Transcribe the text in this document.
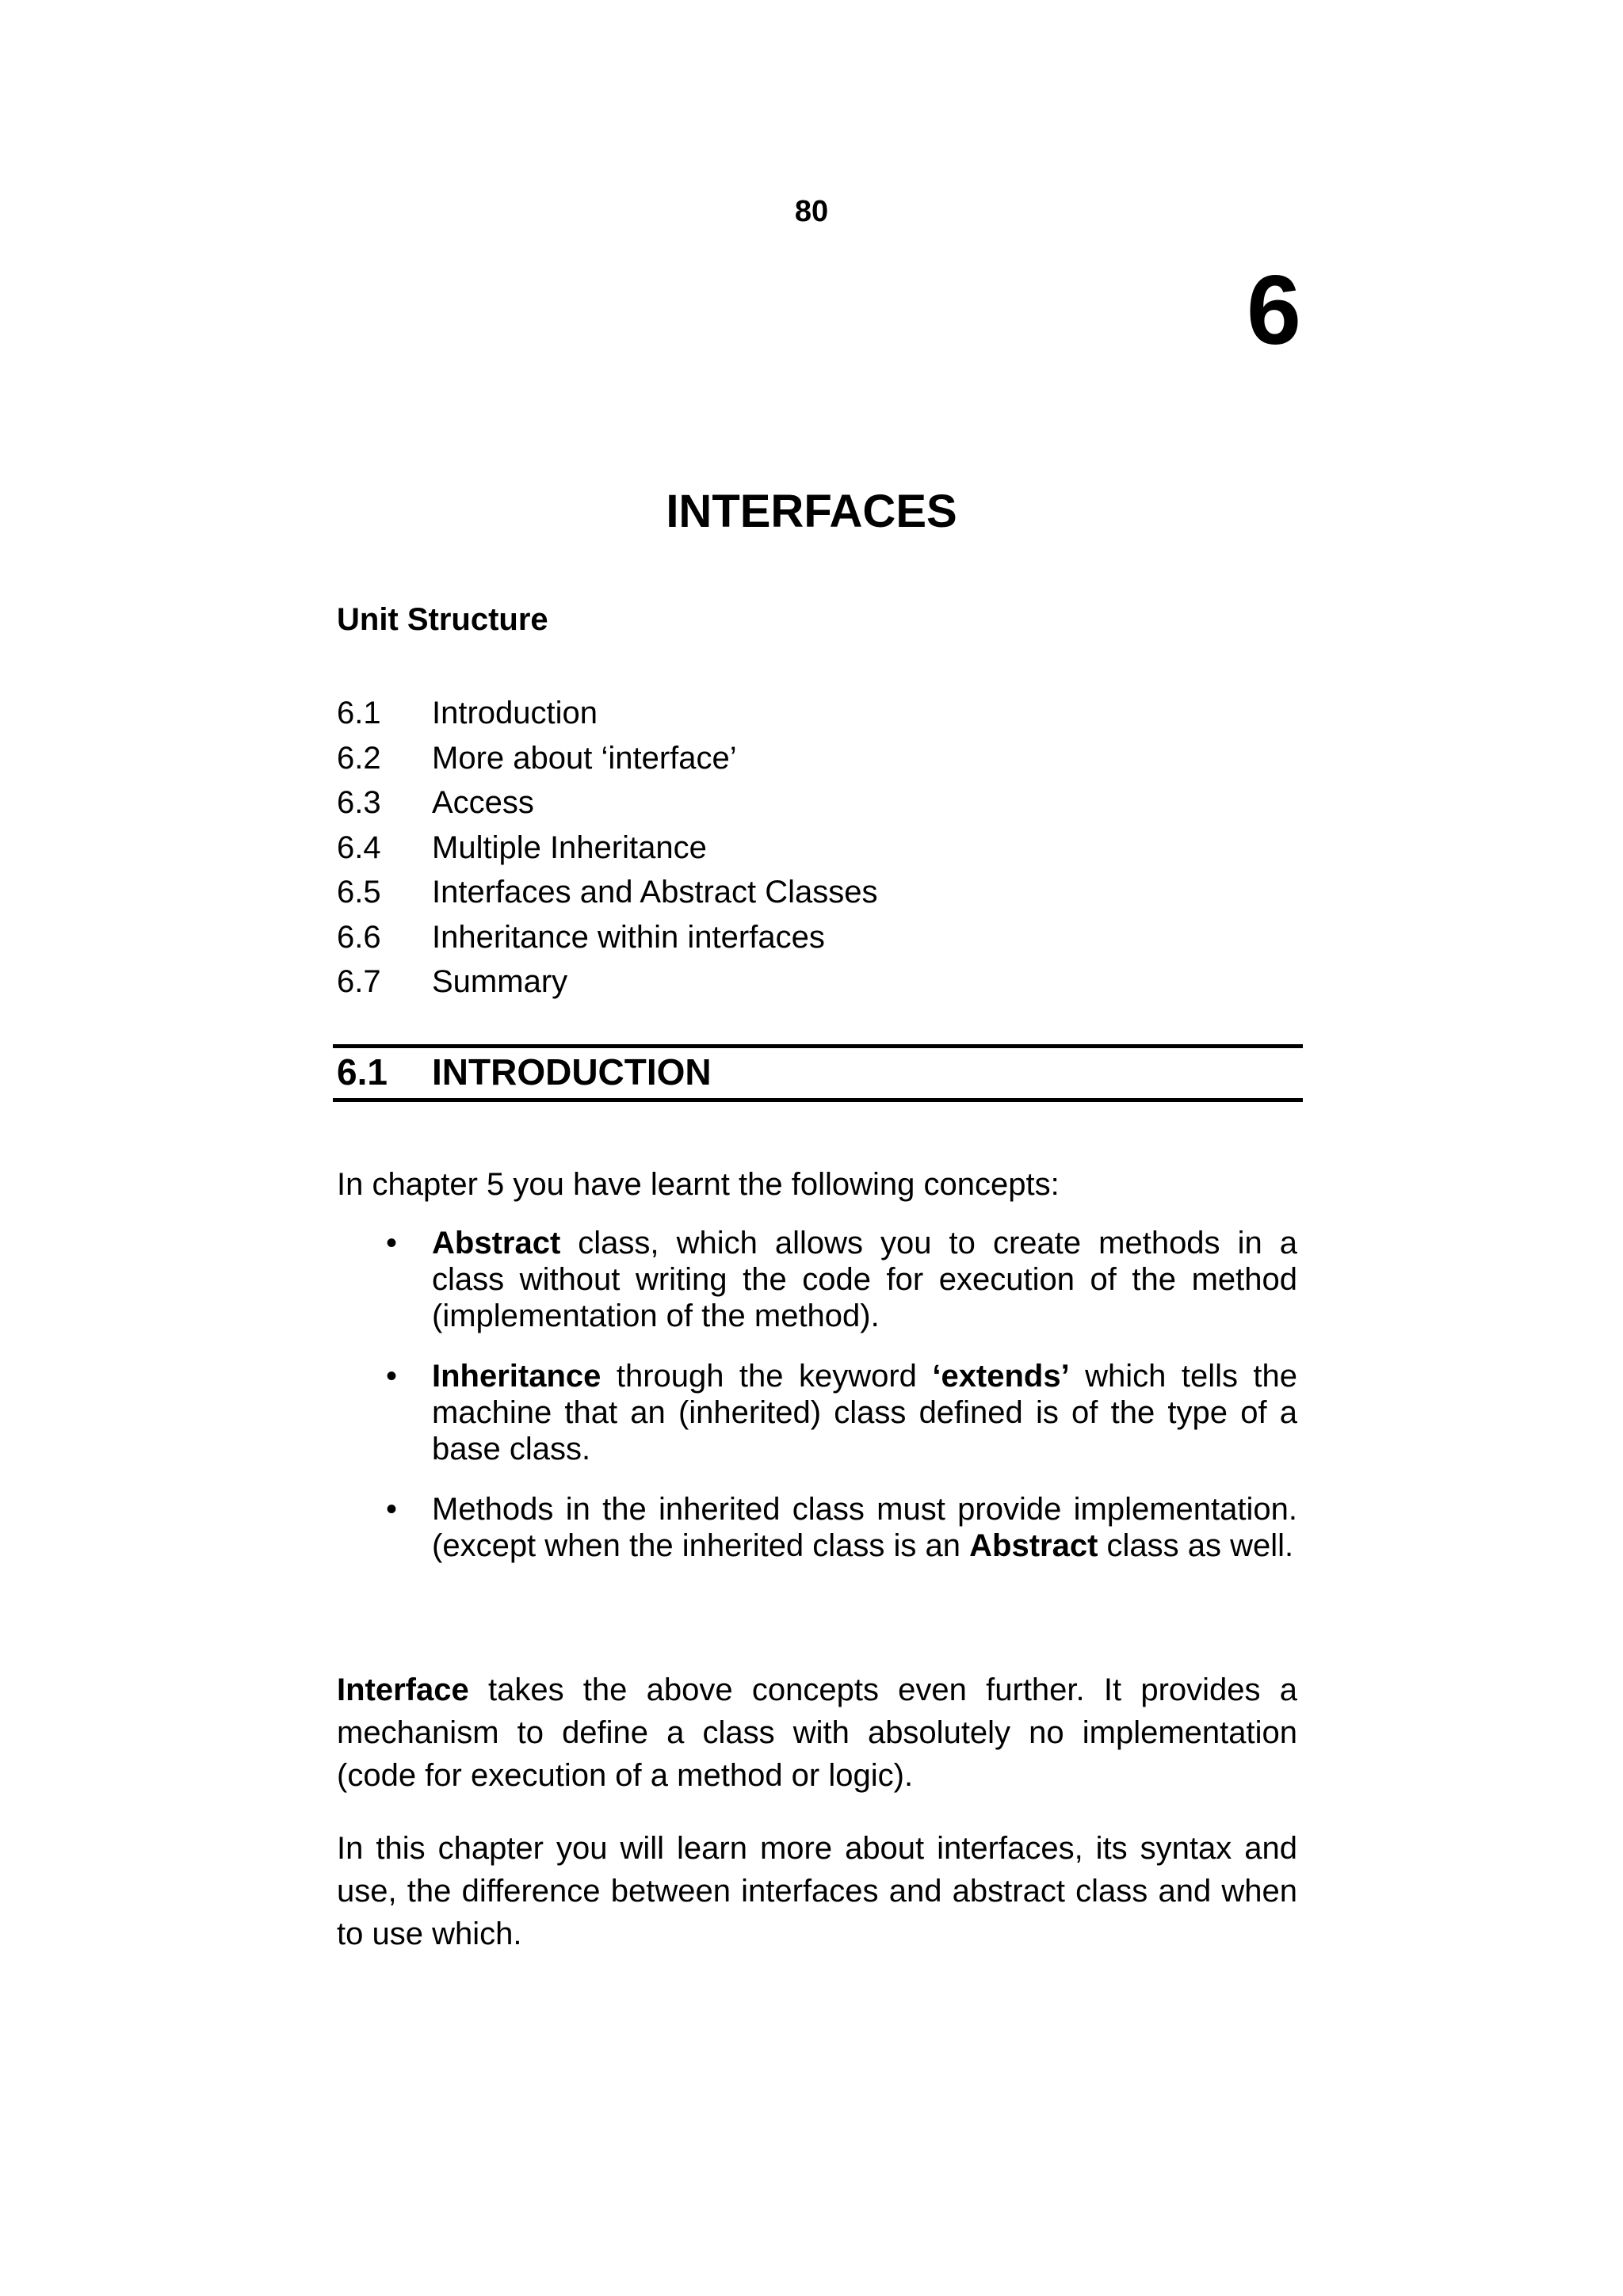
80
6
INTERFACES
Unit Structure
6.1	Introduction
6.2	More about ‘interface’
6.3	Access
6.4	Multiple Inheritance
6.5	Interfaces and Abstract Classes
6.6	Inheritance within interfaces
6.7	Summary
6.1	INTRODUCTION
In chapter 5 you have learnt the following concepts:
• Abstract class, which allows you to create methods in a class without writing the code for execution of the method (implementation of the method).
• Inheritance through the keyword ‘extends’ which tells the machine that an (inherited) class defined is of the type of a base class.
• Methods in the inherited class must provide implementation. (except when the inherited class is an Abstract class as well.
Interface takes the above concepts even further. It provides a mechanism to define a class with absolutely no implementation (code for execution of a method or logic).
In this chapter you will learn more about interfaces, its syntax and use, the difference between interfaces and abstract class and when to use which.
